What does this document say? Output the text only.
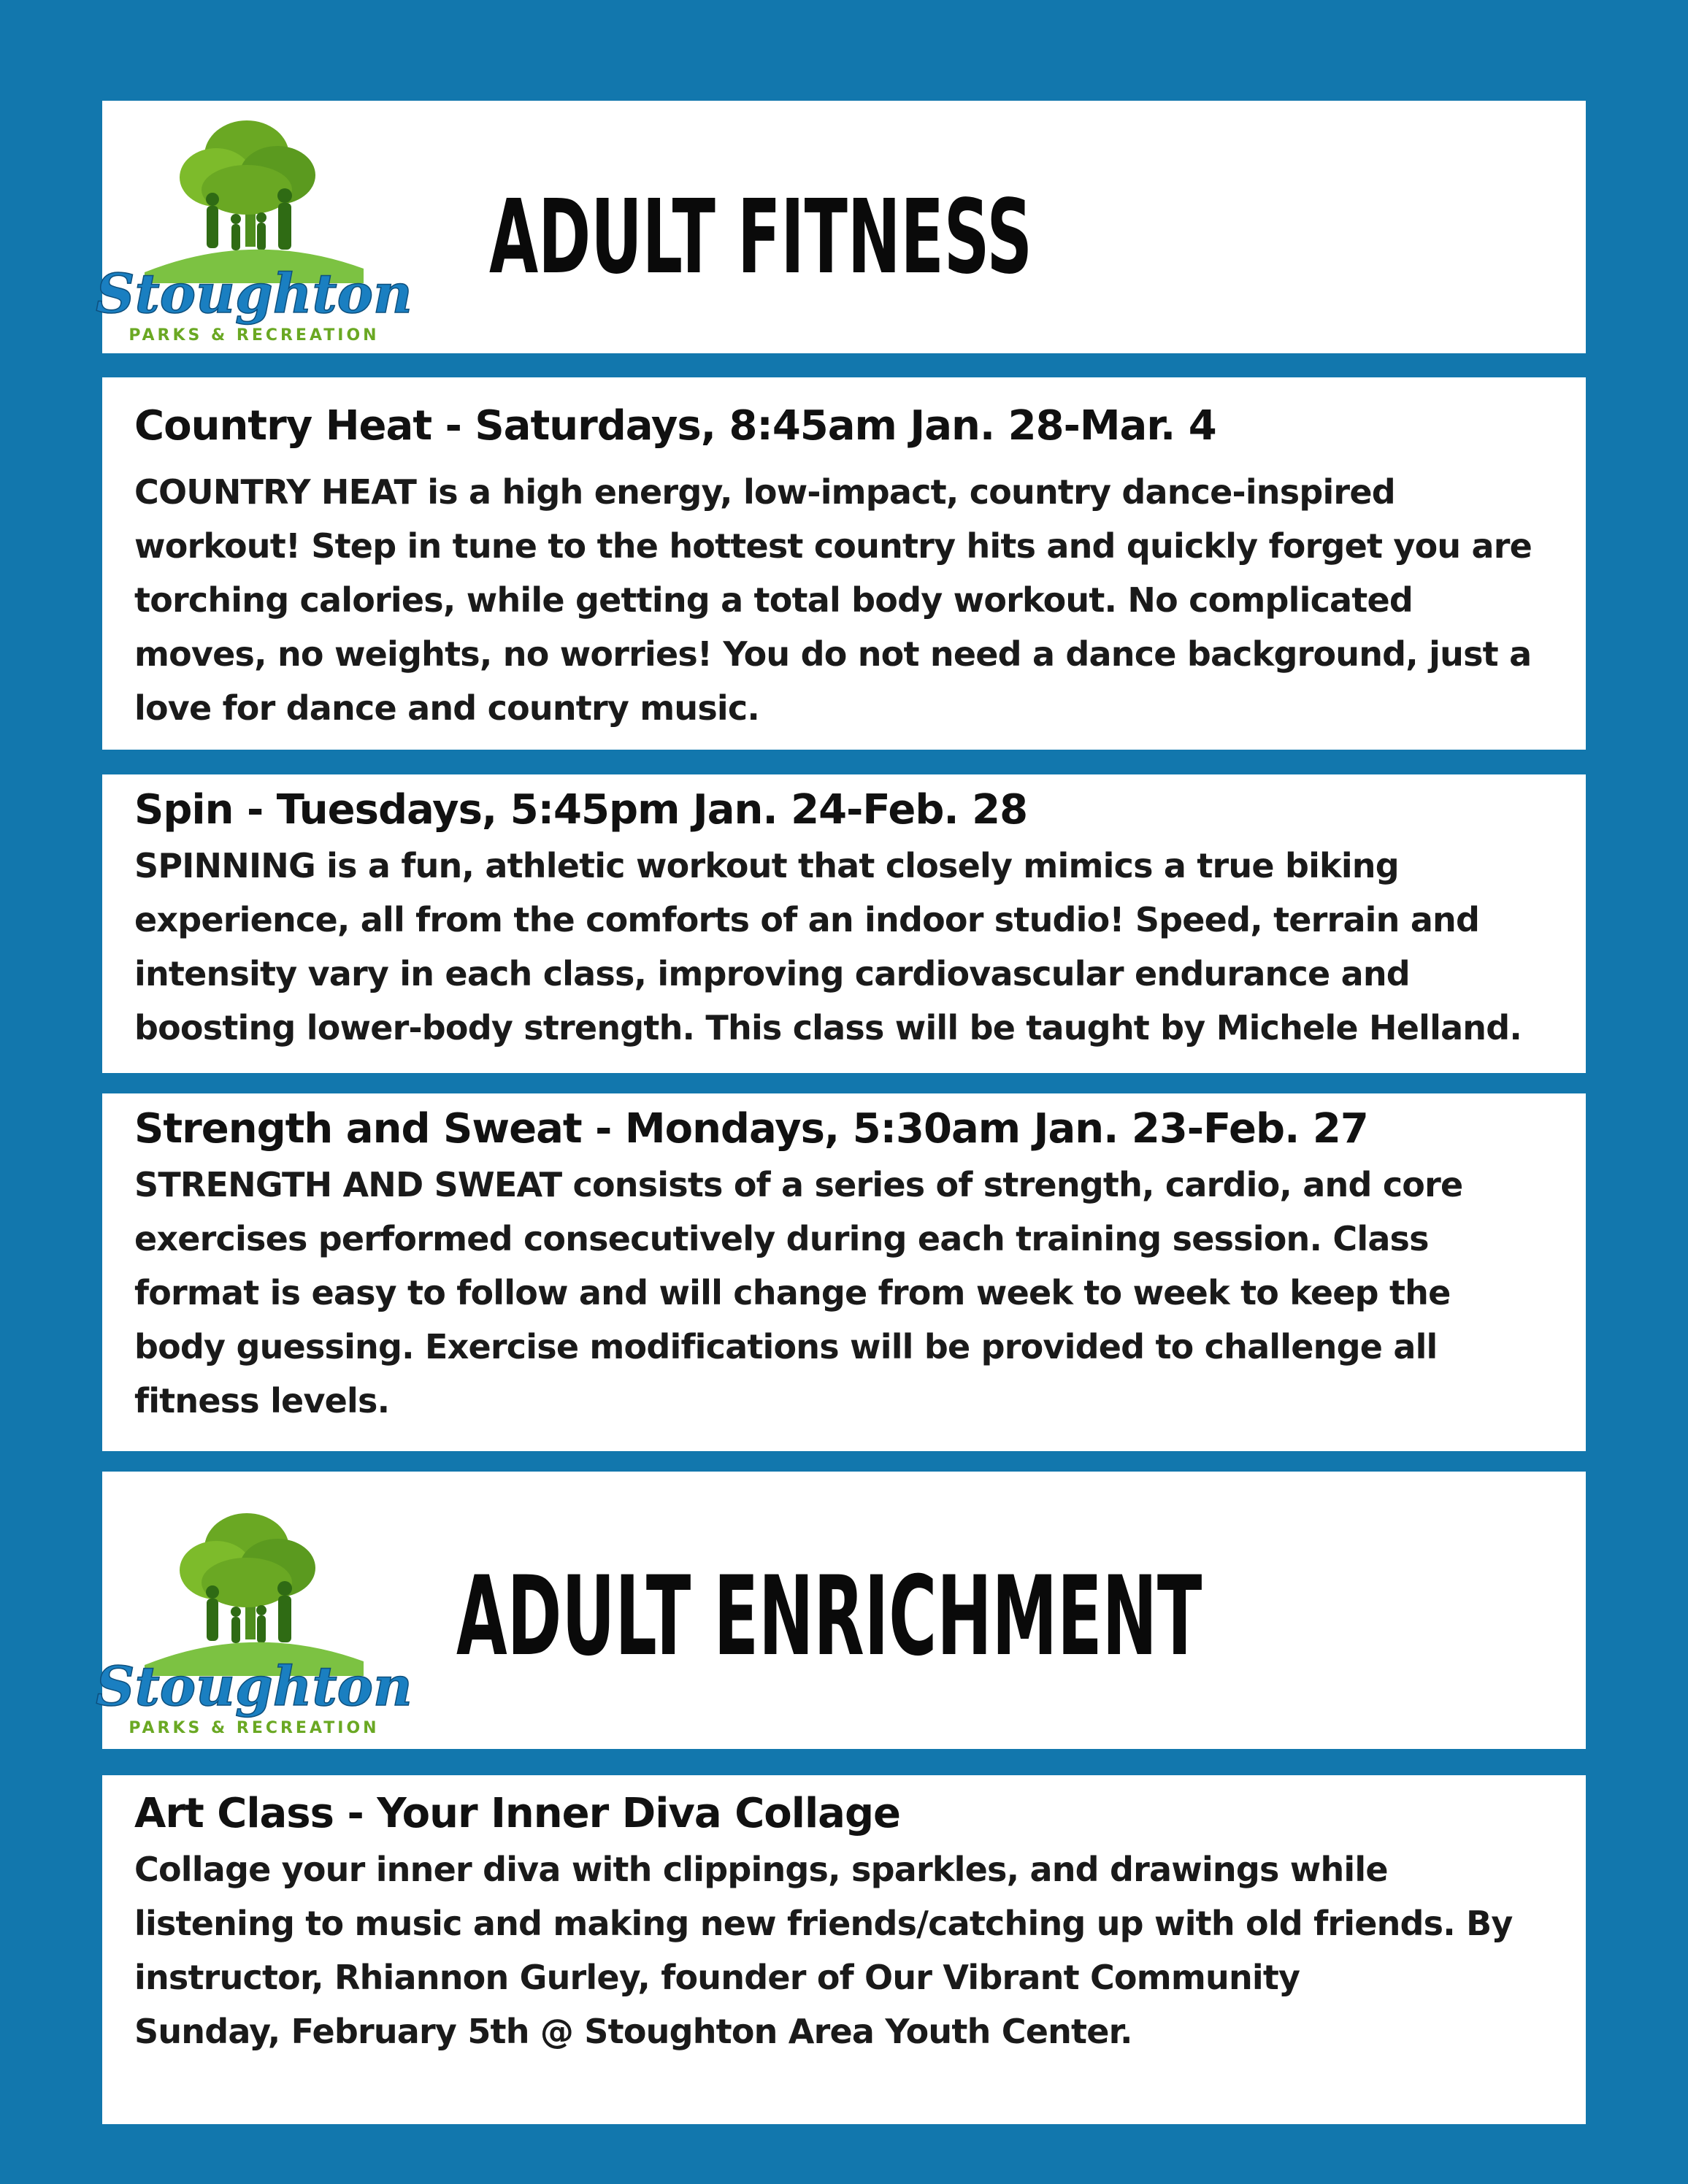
Stoughton
PARKS & RECREATION
ADULT FITNESS
Country Heat - Saturdays, 8:45am Jan. 28-Mar. 4

COUNTRY HEAT is a high energy, low-impact, country dance-inspired
workout! Step in tune to the hottest country hits and quickly forget you are
torching calories, while getting a total body workout. No complicated
moves, no weights, no worries! You do not need a dance background, just a
love for dance and country music.

Spin - Tuesdays, 5:45pm Jan. 24-Feb. 28

SPINNING is a fun, athletic workout that closely mimics a true biking
experience, all from the comforts of an indoor studio! Speed, terrain and
intensity vary in each class, improving cardiovascular endurance and
boosting lower-body strength. This class will be taught by Michele Helland.

Strength and Sweat - Mondays, 5:30am Jan. 23-Feb. 27

STRENGTH AND SWEAT consists of a series of strength, cardio, and core
exercises performed consecutively during each training session. Class
format is easy to follow and will change from week to week to keep the
body guessing. Exercise modifications will be provided to challenge all
fitness levels.

Stoughton
PARKS & RECREATION
ADULT ENRICHMENT
Art Class - Your Inner Diva Collage

Collage your inner diva with clippings, sparkles, and drawings while
listening to music and making new friends/catching up with old friends. By
instructor, Rhiannon Gurley, founder of Our Vibrant Community
Sunday, February 5th @ Stoughton Area Youth Center.
